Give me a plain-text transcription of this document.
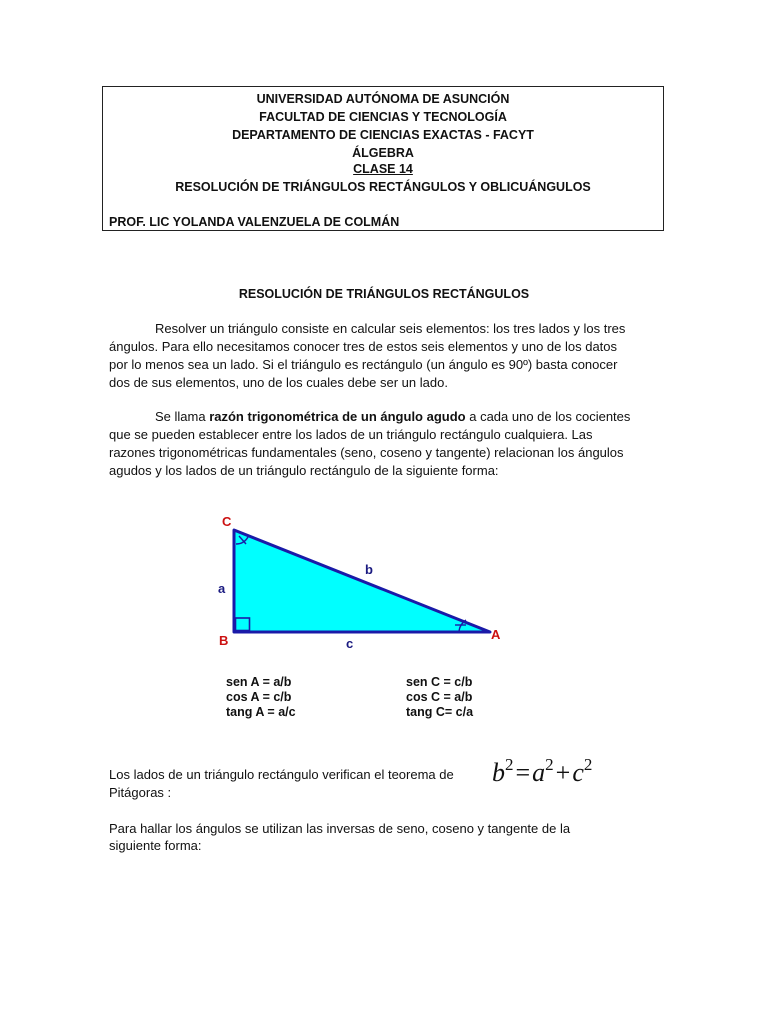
UNIVERSIDAD AUTÓNOMA DE ASUNCIÓN
FACULTAD DE CIENCIAS Y TECNOLOGÍA
DEPARTAMENTO DE CIENCIAS EXACTAS - FACYT
ÁLGEBRA
CLASE 14
RESOLUCIÓN DE TRIÁNGULOS RECTÁNGULOS Y OBLICUÁNGULOS
PROF. LIC YOLANDA VALENZUELA DE COLMÁN
RESOLUCIÓN DE TRIÁNGULOS RECTÁNGULOS

Resolver un triángulo consiste en calcular seis elementos: los tres lados y los tres ángulos. Para ello necesitamos conocer tres de estos seis elementos y uno de los datos por lo menos sea un lado. Si el triángulo es rectángulo (un ángulo es 90º) basta conocer dos de sus elementos, uno de los cuales debe ser un lado.

Se llama razón trigonométrica de un ángulo agudo a cada uno de los cocientes que se pueden establecer entre los lados de un triángulo rectángulo cualquiera. Las razones trigonométricas fundamentales (seno, coseno y tangente) relacionan los ángulos agudos y los lados de un triángulo rectángulo de la siguiente forma:

C
B	A
a
b
c
sen A = a/b
cos A = c/b
tang A = a/c
sen C = c/b
cos C = a/b
tang C= c/a
Los lados de un triángulo rectángulo verifican el teorema de
Pitágoras :
$b^2=a^2+c^2$
Para hallar los ángulos se utilizan las inversas de seno, coseno y tangente de la
siguiente forma:
